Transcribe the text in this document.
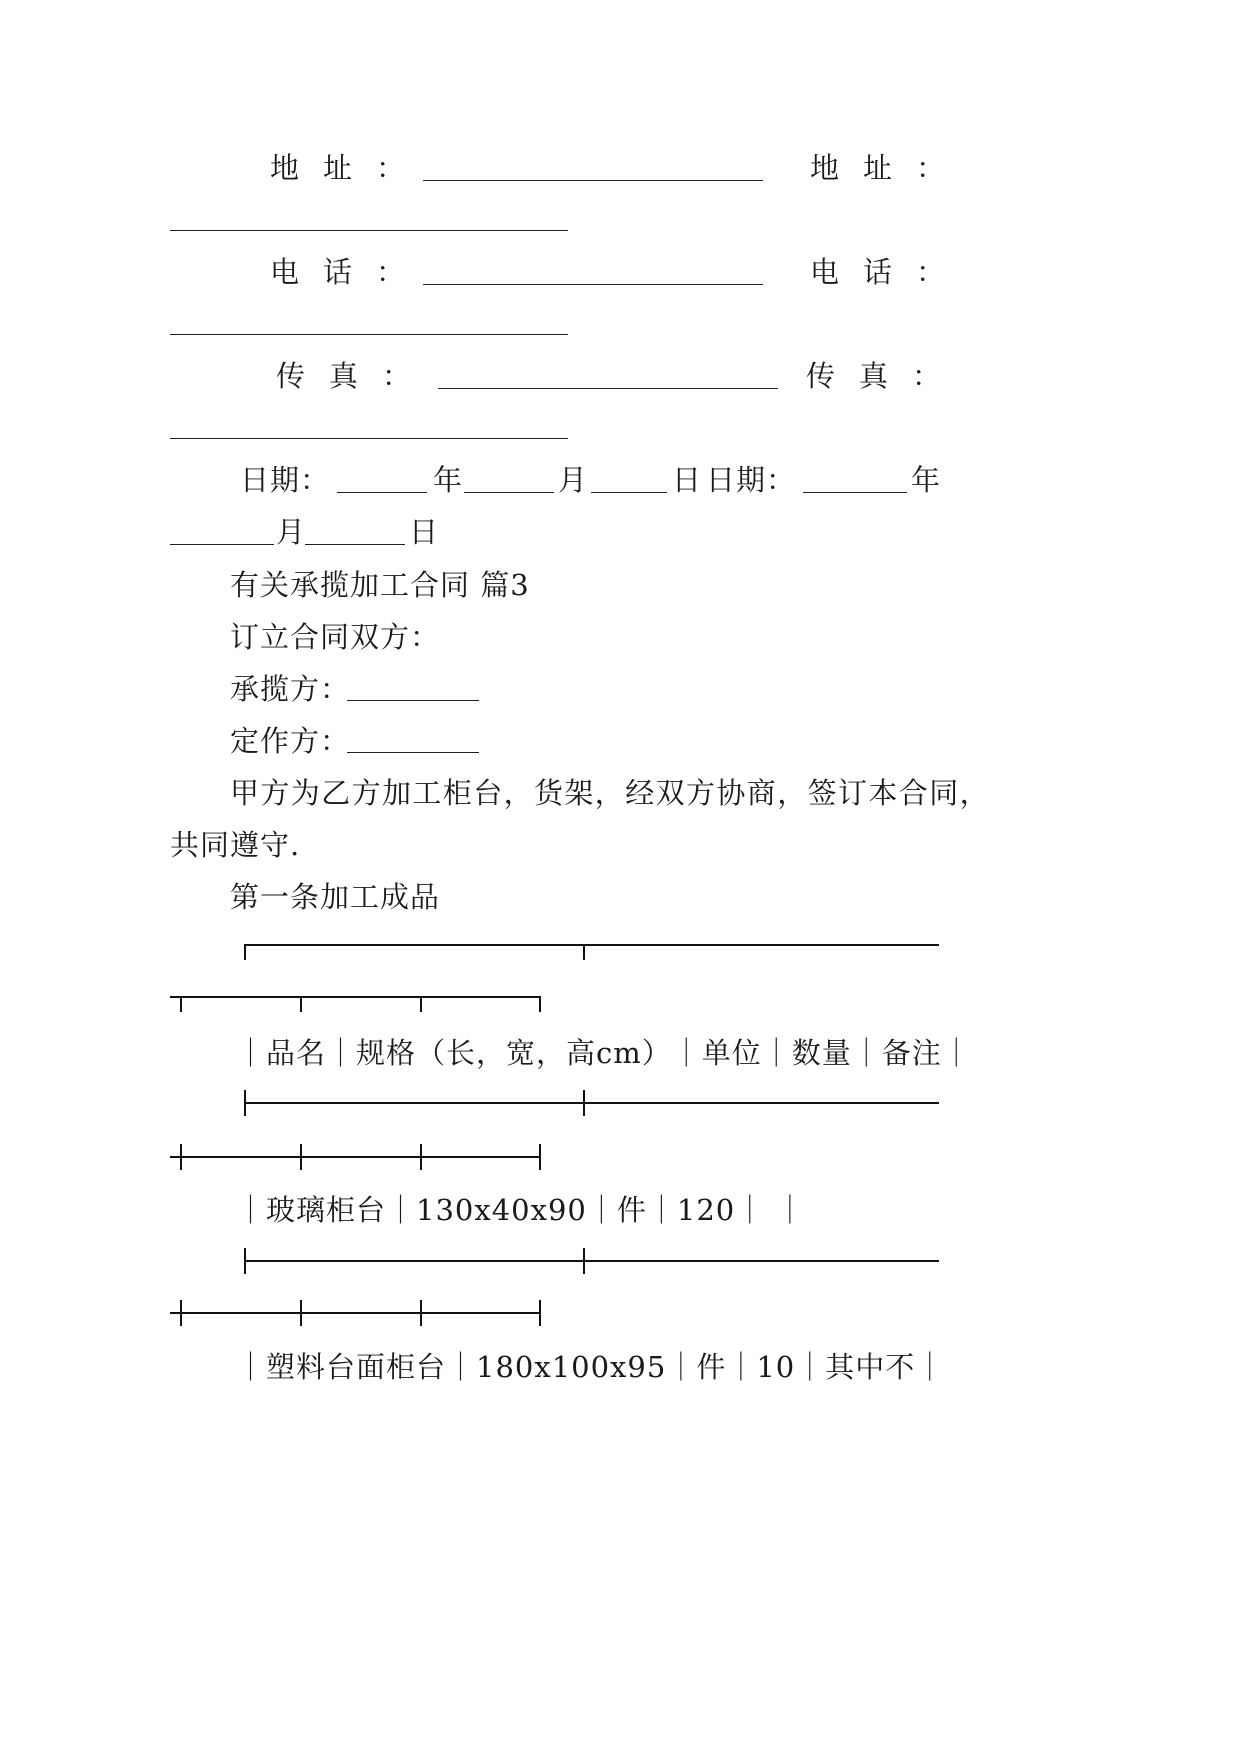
地址：	地址：
电话：	电话：
传真：	传真：
日期：	年	月	日 日期：	年
月	日
有关承揽加工合同 篇3
订立合同双方：
承揽方：
定作方：
甲方为乙方加工柜台，货架，经双方协商，签订本合同，
共同遵守.
第一条加工成品
｜品名｜规格（长，宽，高cm）｜单位｜数量｜备注｜
｜玻璃柜台｜130x40x90｜件｜120｜ ｜
｜塑料台面柜台｜180x100x95｜件｜10｜其中不｜
